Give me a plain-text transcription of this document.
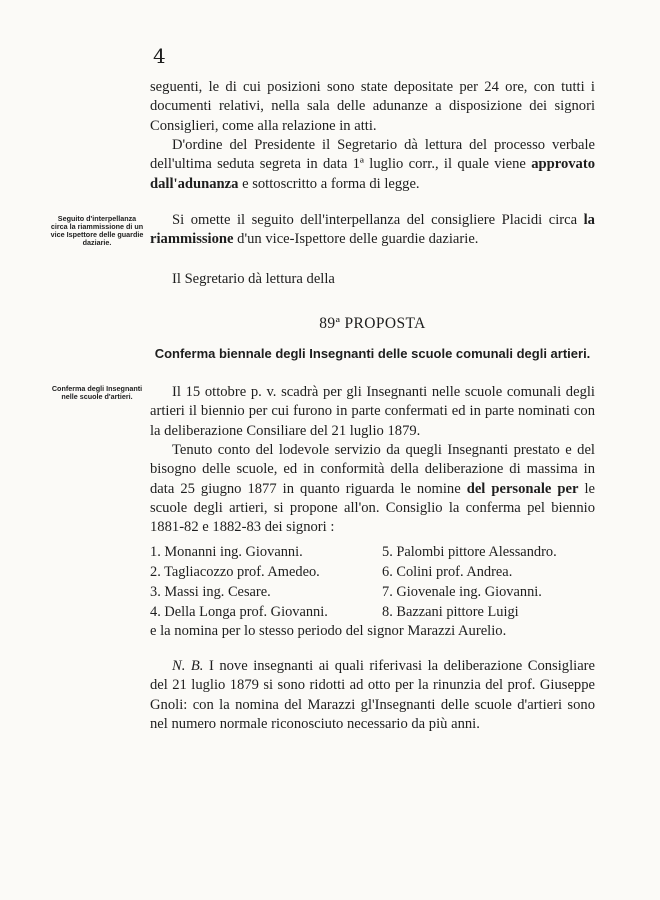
4

seguenti, le di cui posizioni sono state depositate per 24 ore, con tutti i documenti relativi, nella sala delle adunanze a disposizione dei signori Consiglieri, come alla relazione in atti.

D'ordine del Presidente il Segretario dà lettura del processo verbale dell'ultima seduta segreta in data 1ª luglio corr., il quale viene approvato dall'adunanza e sottoscritto a forma di legge.

Seguito d'interpellanza circa la riammissione di un vice Ispettore delle guardie daziarie.

Si omette il seguito dell'interpellanza del consigliere Placidi circa la riammissione d'un vice-Ispettore delle guardie daziarie.

Il Segretario dà lettura della

89ª PROPOSTA

Conferma biennale degli Insegnanti delle scuole comunali degli artieri.

Conferma degli Insegnanti nelle scuole d'artieri.	Il 15 ottobre p. v. scadrà per gli Insegnanti nelle scuole comunali degli artieri il biennio per cui furono in parte confermati ed in parte nominati con la deliberazione Consiliare del 21 luglio 1879.

Tenuto conto del lodevole servizio da quegli Insegnanti prestato e del bisogno delle scuole, ed in conformità della deliberazione di massima in data 25 giugno 1877 in quanto riguarda le nomine del personale per le scuole degli artieri, si propone all'on. Consiglio la conferma pel biennio 1881-82 e 1882-83 dei signori :

1. Monanni ing. Giovanni.	5. Palombi pittore Alessandro.
2. Tagliacozzo prof. Amedeo.	6. Colini prof. Andrea.
3. Massi ing. Cesare.	7. Giovenale ing. Giovanni.
4. Della Longa prof. Giovanni.	8. Bazzani pittore Luigi

e la nomina per lo stesso periodo del signor Marazzi Aurelio.

N. B. I nove insegnanti ai quali riferivasi la deliberazione Consigliare del 21 luglio 1879 si sono ridotti ad otto per la rinunzia del prof. Giuseppe Gnoli: con la nomina del Marazzi gl'Insegnanti delle scuole d'artieri sono nel numero normale riconosciuto necessario da più anni.
